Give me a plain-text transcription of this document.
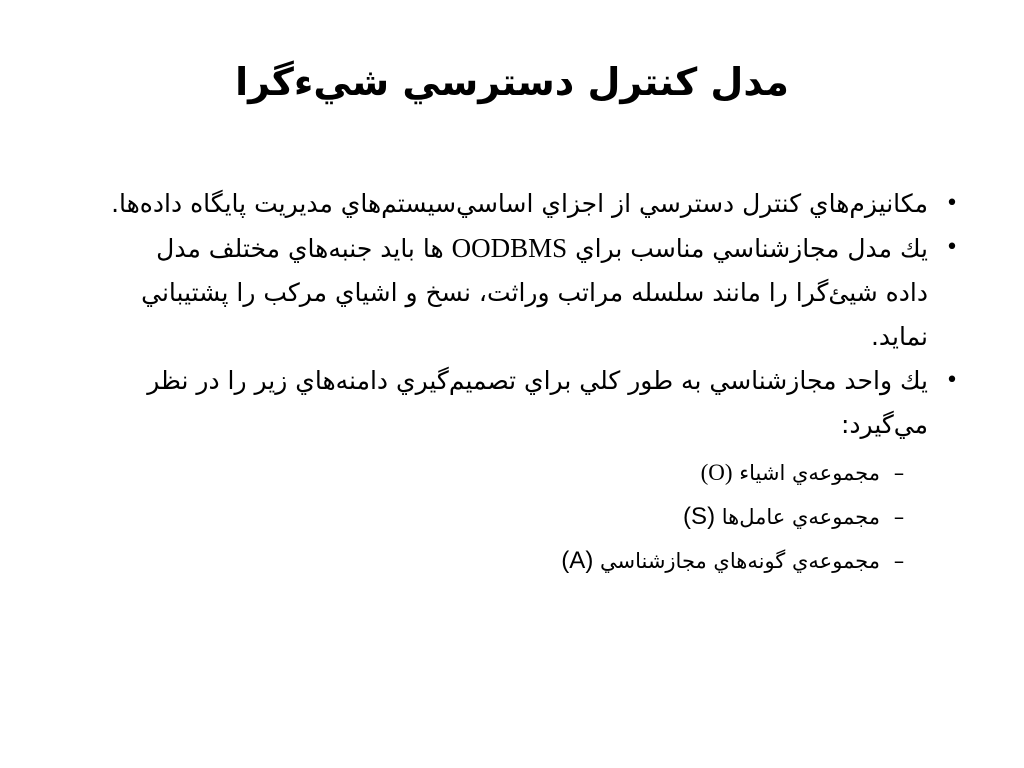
مدل كنترل دسترسي شيءگرا
•
مكانيزم‌هاي كنترل دسترسي از اجزاي اساسي‌سيستم‌هاي مديريت پايگاه داده‌ها.
•
يك مدل مجازشناسي مناسب براي OODBMS ها بايد جنبه‌هاي مختلف مدل داده شيئ‌گرا را مانند سلسله مراتب وراثت، نسخ و اشياي مركب را پشتيباني نمايد.
•
يك واحد مجازشناسي به طور كلي براي تصميم‌گيري دامنه‌هاي زير را در نظر مي‌گيرد:
–
مجموعه‌ي اشياء (O)
–
مجموعه‌ي عامل‌ها (S)
–
مجموعه‌ي گونه‌هاي مجازشناسي (A)
